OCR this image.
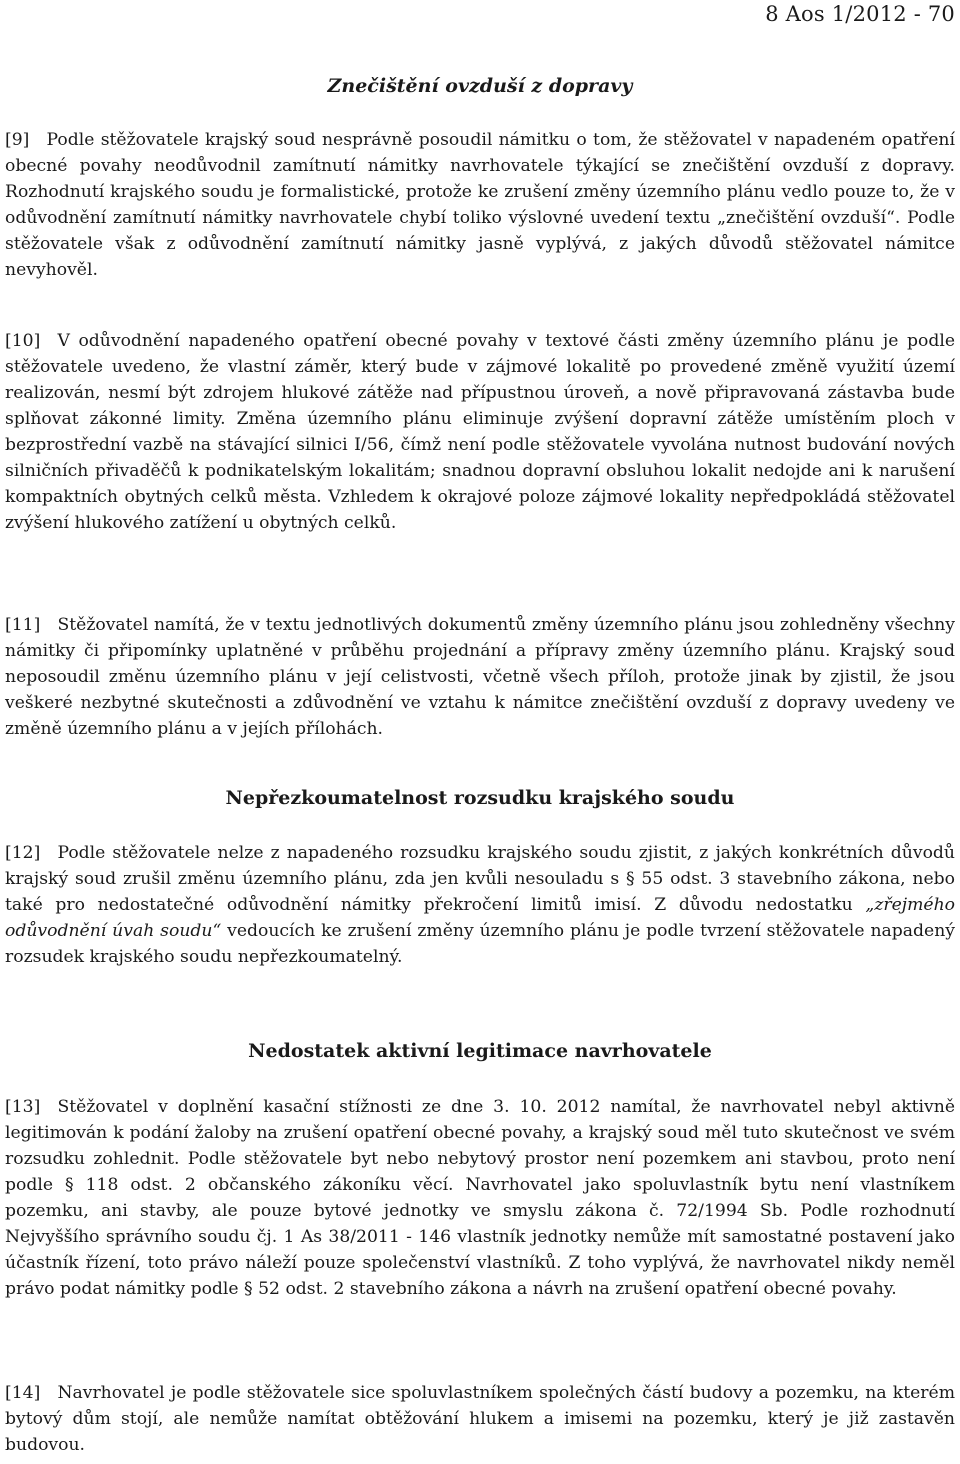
8 Aos 1/2012 - 70
Znečištění ovzduší z dopravy

[9] Podle stěžovatele krajský soud nesprávně posoudil námitku o tom, že stěžovatel v napadeném opatření obecné povahy neodůvodnil zamítnutí námitky navrhovatele týkající se znečištění ovzduší z dopravy. Rozhodnutí krajského soudu je formalistické, protože ke zrušení změny územního plánu vedlo pouze to, že v odůvodnění zamítnutí námitky navrhovatele chybí toliko výslovné uvedení textu „znečištění ovzduší“. Podle stěžovatele však z odůvodnění zamítnutí námitky jasně vyplývá, z jakých důvodů stěžovatel námitce nevyhověl.

[10] V odůvodnění napadeného opatření obecné povahy v textové části změny územního plánu je podle stěžovatele uvedeno, že vlastní záměr, který bude v zájmové lokalitě po provedené změně využití území realizován, nesmí být zdrojem hlukové zátěže nad přípustnou úroveň, a nově připravovaná zástavba bude splňovat zákonné limity. Změna územního plánu eliminuje zvýšení dopravní zátěže umístěním ploch v bezprostřední vazbě na stávající silnici I/56, čímž není podle stěžovatele vyvolána nutnost budování nových silničních přivaděčů k podnikatelským lokalitám; snadnou dopravní obsluhou lokalit nedojde ani k narušení kompaktních obytných celků města. Vzhledem k okrajové poloze zájmové lokality nepředpokládá stěžovatel zvýšení hlukového zatížení u obytných celků.

[11] Stěžovatel namítá, že v textu jednotlivých dokumentů změny územního plánu jsou zohledněny všechny námitky či připomínky uplatněné v průběhu projednání a přípravy změny územního plánu. Krajský soud neposoudil změnu územního plánu v její celistvosti, včetně všech příloh, protože jinak by zjistil, že jsou veškeré nezbytné skutečnosti a zdůvodnění ve vztahu k námitce znečištění ovzduší z dopravy uvedeny ve změně územního plánu a v jejích přílohách.

Nepřezkoumatelnost rozsudku krajského soudu

[12] Podle stěžovatele nelze z napadeného rozsudku krajského soudu zjistit, z jakých konkrétních důvodů krajský soud zrušil změnu územního plánu, zda jen kvůli nesouladu s § 55 odst. 3 stavebního zákona, nebo také pro nedostatečné odůvodnění námitky překročení limitů imisí. Z důvodu nedostatku „zřejmého odůvodnění úvah soudu“ vedoucích ke zrušení změny územního plánu je podle tvrzení stěžovatele napadený rozsudek krajského soudu nepřezkoumatelný.

Nedostatek aktivní legitimace navrhovatele

[13] Stěžovatel v doplnění kasační stížnosti ze dne 3. 10. 2012 namítal, že navrhovatel nebyl aktivně legitimován k podání žaloby na zrušení opatření obecné povahy, a krajský soud měl tuto skutečnost ve svém rozsudku zohlednit. Podle stěžovatele byt nebo nebytový prostor není pozemkem ani stavbou, proto není podle § 118 odst. 2 občanského zákoníku věcí. Navrhovatel jako spoluvlastník bytu není vlastníkem pozemku, ani stavby, ale pouze bytové jednotky ve smyslu zákona č. 72/1994 Sb. Podle rozhodnutí Nejvyššího správního soudu čj. 1 As 38/2011 - 146 vlastník jednotky nemůže mít samostatné postavení jako účastník řízení, toto právo náleží pouze společenství vlastníků. Z toho vyplývá, že navrhovatel nikdy neměl právo podat námitky podle § 52 odst. 2 stavebního zákona a návrh na zrušení opatření obecné povahy.

[14] Navrhovatel je podle stěžovatele sice spoluvlastníkem společných částí budovy a pozemku, na kterém bytový dům stojí, ale nemůže namítat obtěžování hlukem a imisemi na pozemku, který je již zastavěn budovou.
